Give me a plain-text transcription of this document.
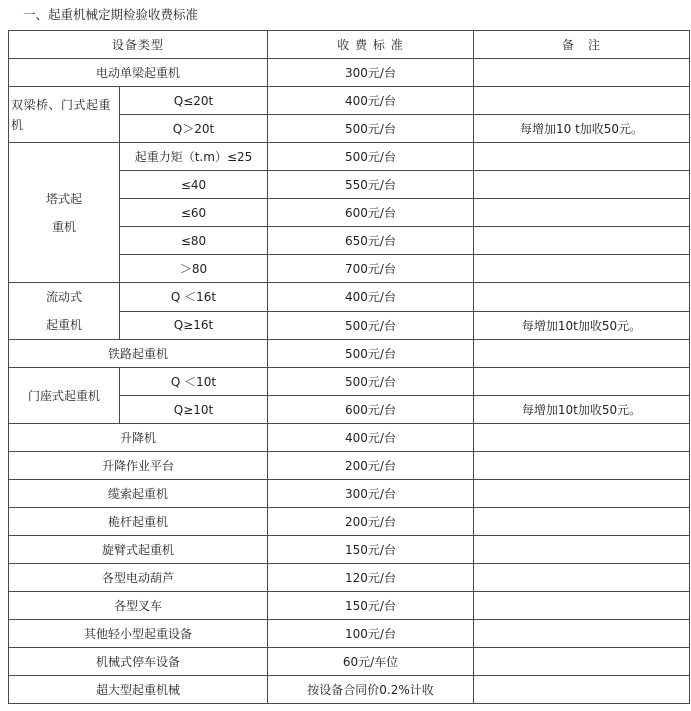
一、起重机械定期检验收费标准
设备类型		收 费 标 准	备　注
电动单梁起重机		300元/台	
双梁桥、门式起重机	Q≤20t	400元/台	
	Q＞20t	500元/台	每增加10 t加收50元。

塔式起
重机	起重力矩（t.m）≤25	500元/台	
	≤40	550元/台	
	≤60	600元/台	
	≤80	650元/台	
	＞80	700元/台	

流动式
起重机	Q ＜16t	400元/台	
	Q≥16t	500元/台	每增加10t加收50元。
铁路起重机		500元/台	
门座式起重机	Q ＜10t	500元/台	
	Q≥10t	600元/台	每增加10t加收50元。
升降机		400元/台	
升降作业平台		200元/台	
缆索起重机		300元/台	
桅杆起重机		200元/台	
旋臂式起重机		150元/台	
各型电动葫芦		120元/台	
各型叉车		150元/台	
其他轻小型起重设备		100元/台	
机械式停车设备		60元/车位	
超大型起重机械		按设备合同价0.2%计收	
